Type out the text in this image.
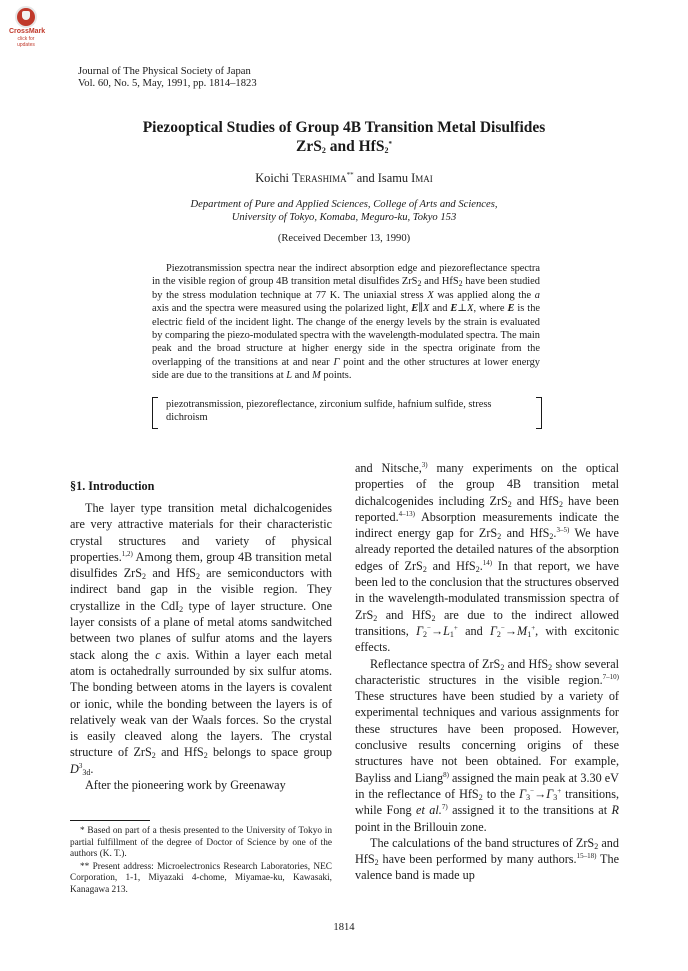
CrossMark
click for updates
Journal of The Physical Society of Japan
Vol. 60, No. 5, May, 1991, pp. 1814–1823
Piezooptical Studies of Group 4B Transition Metal Disulfides
ZrS$_2$ and HfS$_2$*
Koichi Terashima** and Isamu Imai
Department of Pure and Applied Sciences, College of Arts and Sciences,
University of Tokyo, Komaba, Meguro-ku, Tokyo 153
(Received December 13, 1990)

Piezotransmission spectra near the indirect absorption edge and piezoreflectance spectra in the visible region of group 4B transition metal disulfides ZrS$_2$ and HfS$_2$ have been studied by the stress modulation technique at 77 K. The uniaxial stress X was applied along the a axis and the spectra were measured using the polarized light, E∥X and E⊥X, where E is the electric field of the incident light. The change of the energy levels by the strain is evaluated by comparing the piezo-modulated spectra with the wavelength-modulated spectra. The main peak and the broad structure at higher energy side in the spectra originate from the overlapping of the transitions at and near Γ point and the other structures at lower energy side are due to the transitions at L and M points.

piezotransmission, piezoreflectance, zirconium sulfide, hafnium sulfide, stress
dichroism
§1. Introduction

The layer type transition metal dichalcogenides are very attractive materials for their characteristic crystal structures and variety of physical properties.$^{1,2)}$ Among them, group 4B transition metal disulfides ZrS$_2$ and HfS$_2$ are semiconductors with indirect band gap in the visible region. They crystallize in the CdI$_2$ type of layer structure. One layer consists of a plane of metal atoms sandwitched between two planes of sulfur atoms and the layers stack along the c axis. Within a layer each metal atom is octahedrally surrounded by six sulfur atoms. The bonding between atoms in the layers is covalent or ionic, while the bonding between the layers is of relatively weak van der Waals forces. So the crystal is easily cleaved along the layers. The crystal structure of ZrS$_2$ and HfS$_2$ belongs to space group $D^3_{3d}$.

After the pioneering work by Greenaway

* Based on part of a thesis presented to the University of Tokyo in partial fulfillment of the degree of Doctor of Science by one of the authors (K. T.).

** Present address: Microelectronics Research Laboratories, NEC Corporation, 1-1, Miyazaki 4-chome, Miyamae-ku, Kawasaki, Kanagawa 213.

and Nitsche,$^{3)}$ many experiments on the optical properties of the group 4B transition metal dichalcogenides including ZrS$_2$ and HfS$_2$ have been reported.$^{4-13)}$ Absorption measurements indicate the indirect energy gap for ZrS$_2$ and HfS$_2$.$^{3-5)}$ We have already reported the detailed natures of the absorption edges of ZrS$_2$ and HfS$_2$.$^{14)}$ In that report, we have been led to the conclusion that the structures observed in the wavelength-modulated transmission spectra of ZrS$_2$ and HfS$_2$ are due to the indirect allowed transitions, $\Gamma_2^-\to L_1^+$ and $\Gamma_2^-\to M_1^+$, with excitonic effects.

Reflectance spectra of ZrS$_2$ and HfS$_2$ show several characteristic structures in the visible region.$^{7-10)}$ These structures have been studied by a variety of experimental techniques and various assignments for these structures have been proposed. However, conclusive results concerning origins of these structures have not been obtained. For example, Bayliss and Liang$^{8)}$ assigned the main peak at 3.30 eV in the reflectance of HfS$_2$ to the $\Gamma_3^-\to\Gamma_3^+$ transitions, while Fong et al.$^{7)}$ assigned it to the transitions at R point in the Brillouin zone.

The calculations of the band structures of ZrS$_2$ and HfS$_2$ have been performed by many authors.$^{15-18)}$ The valence band is made up

1814
